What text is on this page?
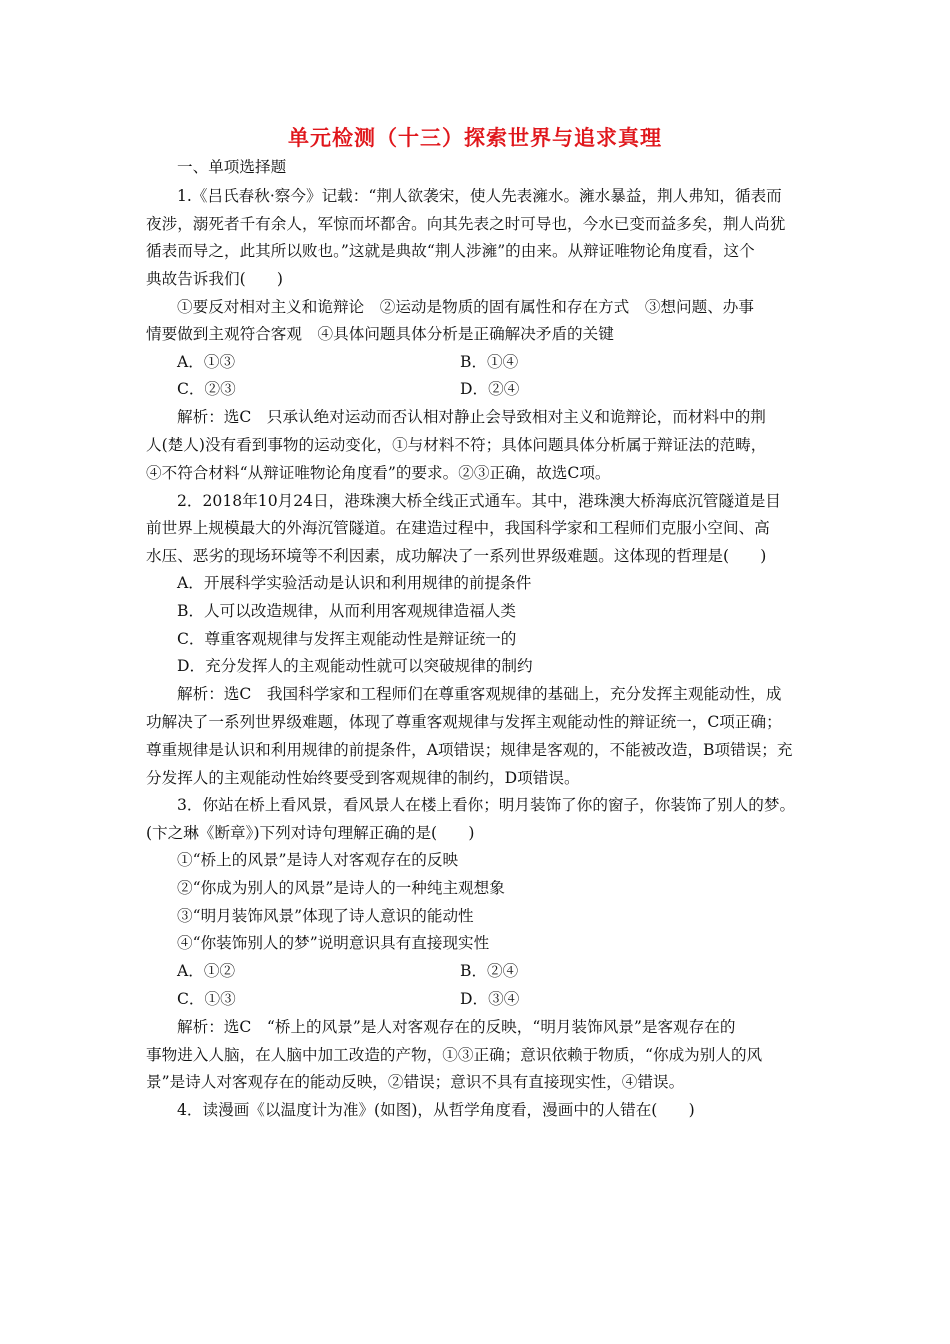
单元检测（十三）探索世界与追求真理
一、单项选择题
1.《吕氏春秋·察今》记载：“荆人欲袭宋，使人先表澭水。澭水暴益，荆人弗知，循表而
夜涉，溺死者千有余人，军惊而坏都舍。向其先表之时可导也，今水已变而益多矣，荆人尚犹
循表而导之，此其所以败也。”这就是典故“荆人涉澭”的由来。从辩证唯物论角度看，这个
典故告诉我们(　　)
①要反对相对主义和诡辩论　②运动是物质的固有属性和存在方式　③想问题、办事
情要做到主观符合客观　④具体问题具体分析是正确解决矛盾的关键
A．①③	B．①④
C．②③	D．②④
解析：选C　只承认绝对运动而否认相对静止会导致相对主义和诡辩论，而材料中的荆
人(楚人)没有看到事物的运动变化，①与材料不符；具体问题具体分析属于辩证法的范畴，
④不符合材料“从辩证唯物论角度看”的要求。②③正确，故选C项。
2．2018年10月24日，港珠澳大桥全线正式通车。其中，港珠澳大桥海底沉管隧道是目
前世界上规模最大的外海沉管隧道。在建造过程中，我国科学家和工程师们克服小空间、高
水压、恶劣的现场环境等不利因素，成功解决了一系列世界级难题。这体现的哲理是(　　)
A．开展科学实验活动是认识和利用规律的前提条件
B．人可以改造规律，从而利用客观规律造福人类
C．尊重客观规律与发挥主观能动性是辩证统一的
D．充分发挥人的主观能动性就可以突破规律的制约
解析：选C　我国科学家和工程师们在尊重客观规律的基础上，充分发挥主观能动性，成
功解决了一系列世界级难题，体现了尊重客观规律与发挥主观能动性的辩证统一，C项正确；
尊重规律是认识和利用规律的前提条件，A项错误；规律是客观的，不能被改造，B项错误；充
分发挥人的主观能动性始终要受到客观规律的制约，D项错误。
3．你站在桥上看风景，看风景人在楼上看你；明月装饰了你的窗子，你装饰了别人的梦。
(卞之琳《断章》)下列对诗句理解正确的是(　　)
①“桥上的风景”是诗人对客观存在的反映
②“你成为别人的风景”是诗人的一种纯主观想象
③“明月装饰风景”体现了诗人意识的能动性
④“你装饰别人的梦”说明意识具有直接现实性
A．①②	B．②④
C．①③	D．③④
解析：选C　“桥上的风景”是人对客观存在的反映，“明月装饰风景”是客观存在的
事物进入人脑，在人脑中加工改造的产物，①③正确；意识依赖于物质，“你成为别人的风
景”是诗人对客观存在的能动反映，②错误；意识不具有直接现实性，④错误。
4．读漫画《以温度计为准》(如图)，从哲学角度看，漫画中的人错在(　　)
